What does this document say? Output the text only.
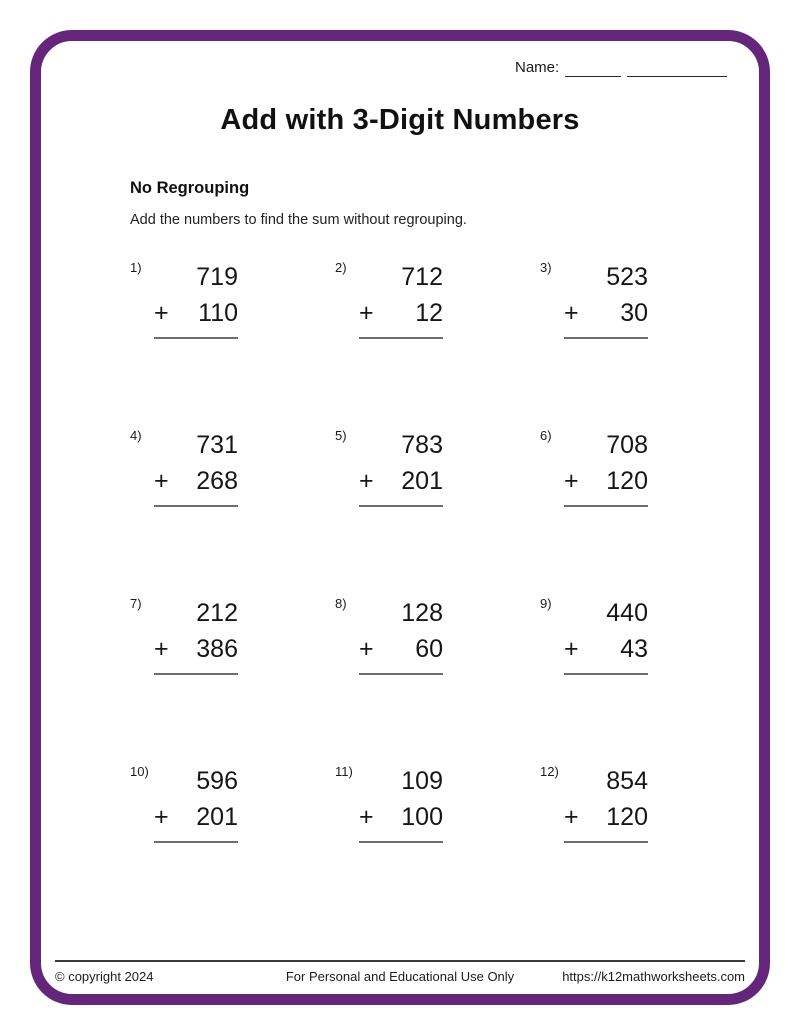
Name:
Add with 3-Digit Numbers
No Regrouping
Add the numbers to find the sum without regrouping.
1)	719
+ 110
2)	712
+ 12
3)	523
+ 30
4)	731
+ 268
5)	783
+ 201
6)	708
+ 120
7)	212
+ 386
8)	128
+ 60
9)	440
+ 43
10)	596
+ 201
11)	109
+ 100
12)	854
+ 120
© copyright 2024	For Personal and Educational Use Only	https://k12mathworksheets.com
